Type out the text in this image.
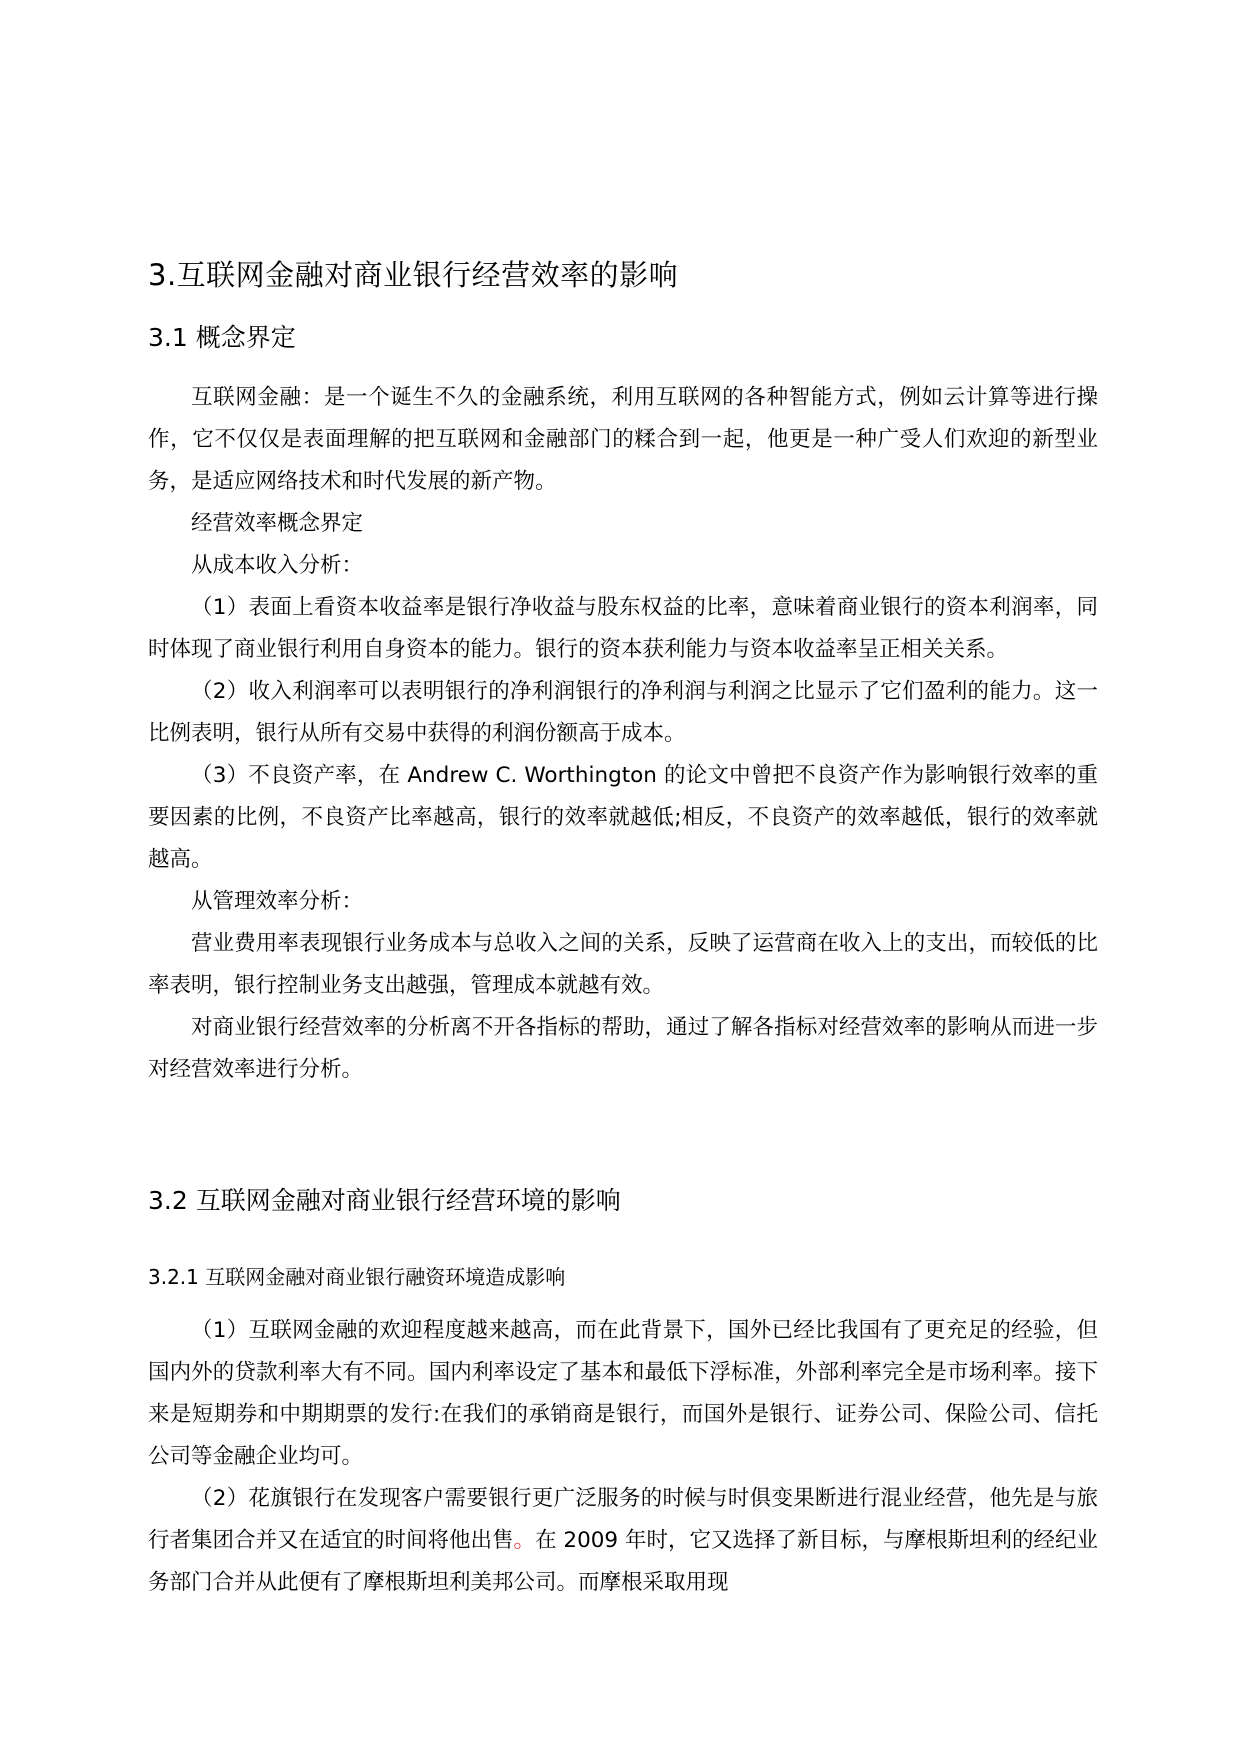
3.互联网金融对商业银行经营效率的影响
3.1 概念界定

互联网金融：是一个诞生不久的金融系统，利用互联网的各种智能方式，例如云计算等进行操作，它不仅仅是表面理解的把互联网和金融部门的糅合到一起，他更是一种广受人们欢迎的新型业务，是适应网络技术和时代发展的新产物。

经营效率概念界定

从成本收入分析：

（1）表面上看资本收益率是银行净收益与股东权益的比率，意味着商业银行的资本利润率，同时体现了商业银行利用自身资本的能力。银行的资本获利能力与资本收益率呈正相关关系。

（2）收入利润率可以表明银行的净利润银行的净利润与利润之比显示了它们盈利的能力。这一比例表明，银行从所有交易中获得的利润份额高于成本。

（3）不良资产率，在 Andrew C. Worthington 的论文中曾把不良资产作为影响银行效率的重要因素的比例，不良资产比率越高，银行的效率就越低;相反，不良资产的效率越低，银行的效率就越高。

从管理效率分析：

营业费用率表现银行业务成本与总收入之间的关系，反映了运营商在收入上的支出，而较低的比率表明，银行控制业务支出越强，管理成本就越有效。

对商业银行经营效率的分析离不开各指标的帮助，通过了解各指标对经营效率的影响从而进一步对经营效率进行分析。

3.2 互联网金融对商业银行经营环境的影响
3.2.1 互联网金融对商业银行融资环境造成影响

（1）互联网金融的欢迎程度越来越高，而在此背景下，国外已经比我国有了更充足的经验，但国内外的贷款利率大有不同。国内利率设定了基本和最低下浮标准，外部利率完全是市场利率。接下来是短期券和中期期票的发行:在我们的承销商是银行，而国外是银行、证券公司、保险公司、信托公司等金融企业均可。

（2）花旗银行在发现客户需要银行更广泛服务的时候与时俱变果断进行混业经营，他先是与旅行者集团合并又在适宜的时间将他出售。在 2009 年时，它又选择了新目标，与摩根斯坦利的经纪业务部门合并从此便有了摩根斯坦利美邦公司。而摩根采取用现
